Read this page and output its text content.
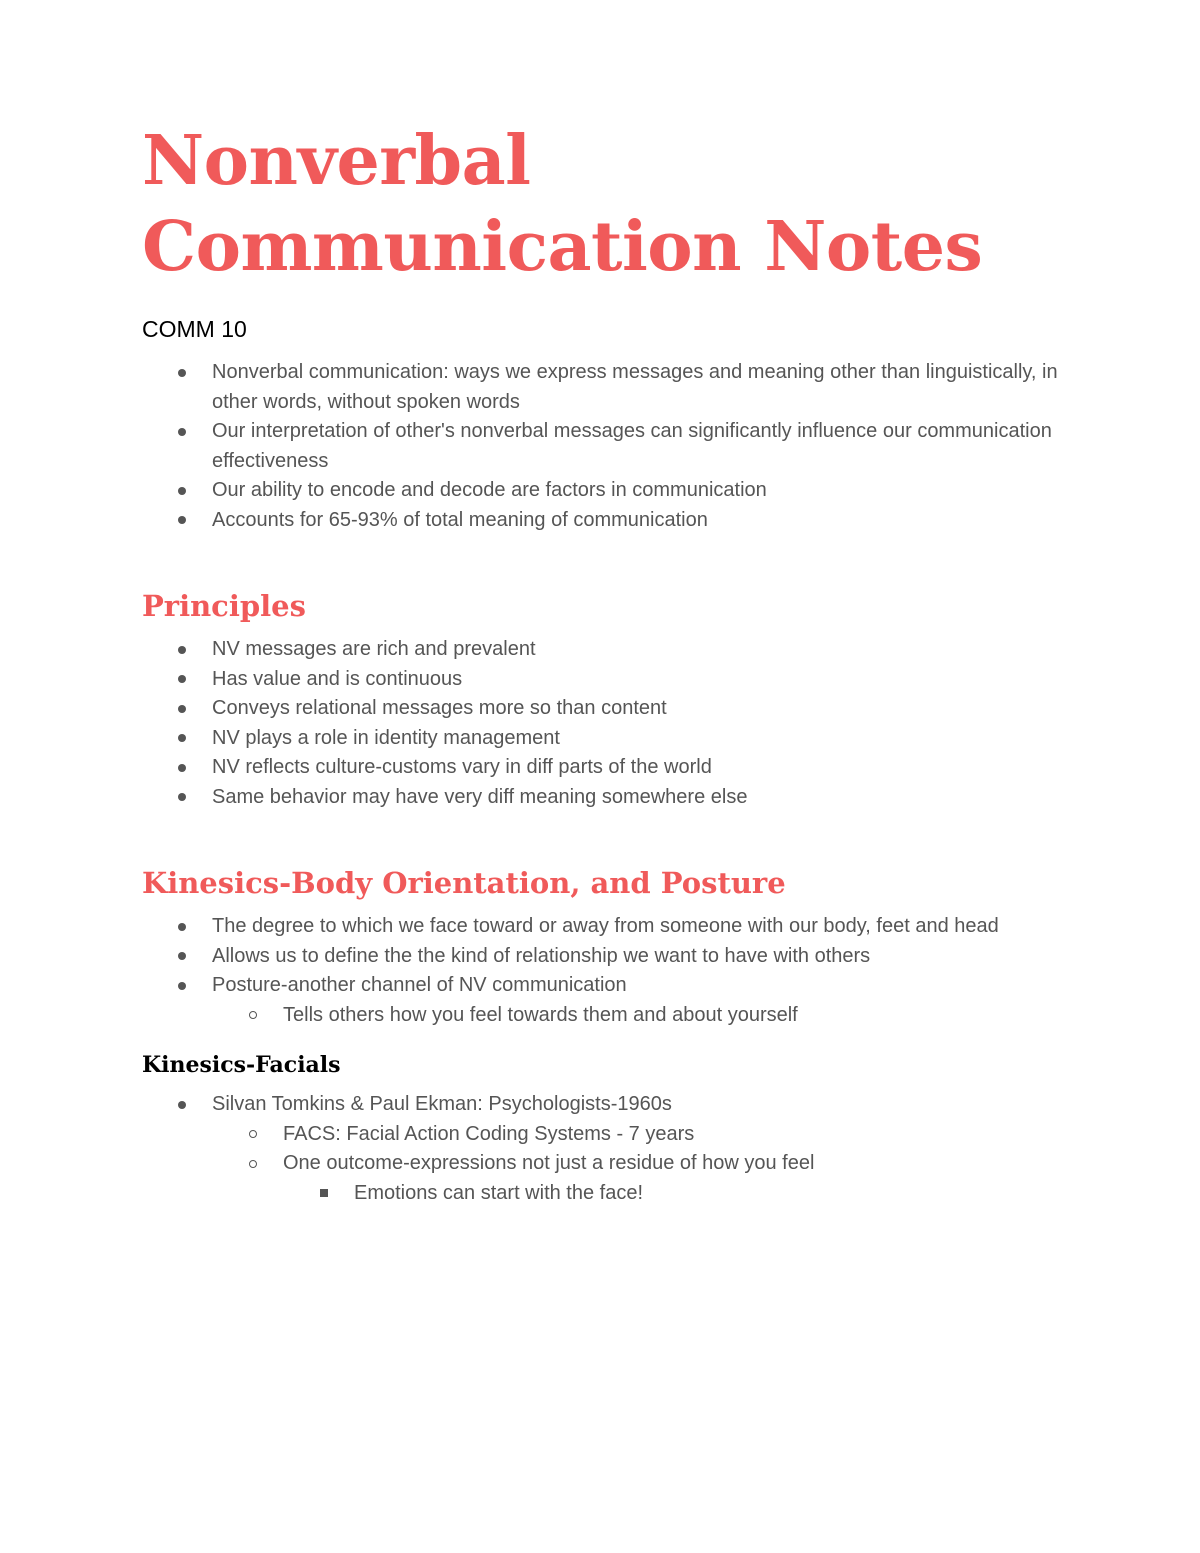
Nonverbal Communication Notes
COMM 10
Nonverbal communication: ways we express messages and meaning other than linguistically, in other words, without spoken words
Our interpretation of other's nonverbal messages can significantly influence our communication effectiveness
Our ability to encode and decode are factors in communication
Accounts for 65-93% of total meaning of communication
Principles
NV messages are rich and prevalent
Has value and is continuous
Conveys relational messages more so than content
NV plays a role in identity management
NV reflects culture-customs vary in diff parts of the world
Same behavior may have very diff meaning somewhere else
Kinesics-Body Orientation, and Posture
The degree to which we face toward or away from someone with our body, feet and head
Allows us to define the the kind of relationship we want to have with others
Posture-another channel of NV communication
Tells others how you feel towards them and about yourself
Kinesics-Facials
Silvan Tomkins & Paul Ekman: Psychologists-1960s
FACS: Facial Action Coding Systems - 7 years
One outcome-expressions not just a residue of how you feel
Emotions can start with the face!
